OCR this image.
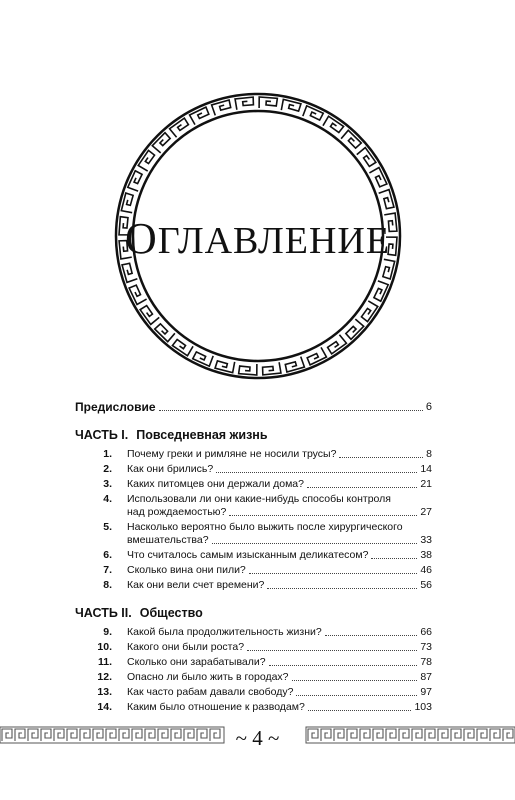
ОГЛАВЛЕНИЕ
Предисловие	6
ЧАСТЬ I. Повседневная жизнь
1.	Почему греки и римляне не носили трусы?	8
2.	Как они брились?	14
3.	Каких питомцев они держали дома?	21
4.	Использовали ли они какие-нибудь способы контроля
над рождаемостью?	27
5.	Насколько вероятно было выжить после хирургического
вмешательства?	33
6.	Что считалось самым изысканным деликатесом?	38
7.	Сколько вина они пили?	46
8.	Как они вели счет времени?	56
ЧАСТЬ II. Общество
9.	Какой была продолжительность жизни?	66
10.	Какого они были роста?	73
11.	Сколько они зарабатывали?	78
12.	Опасно ли было жить в городах?	87
13.	Как часто рабам давали свободу?	97
14.	Каким было отношение к разводам?	103
~ 4 ~
